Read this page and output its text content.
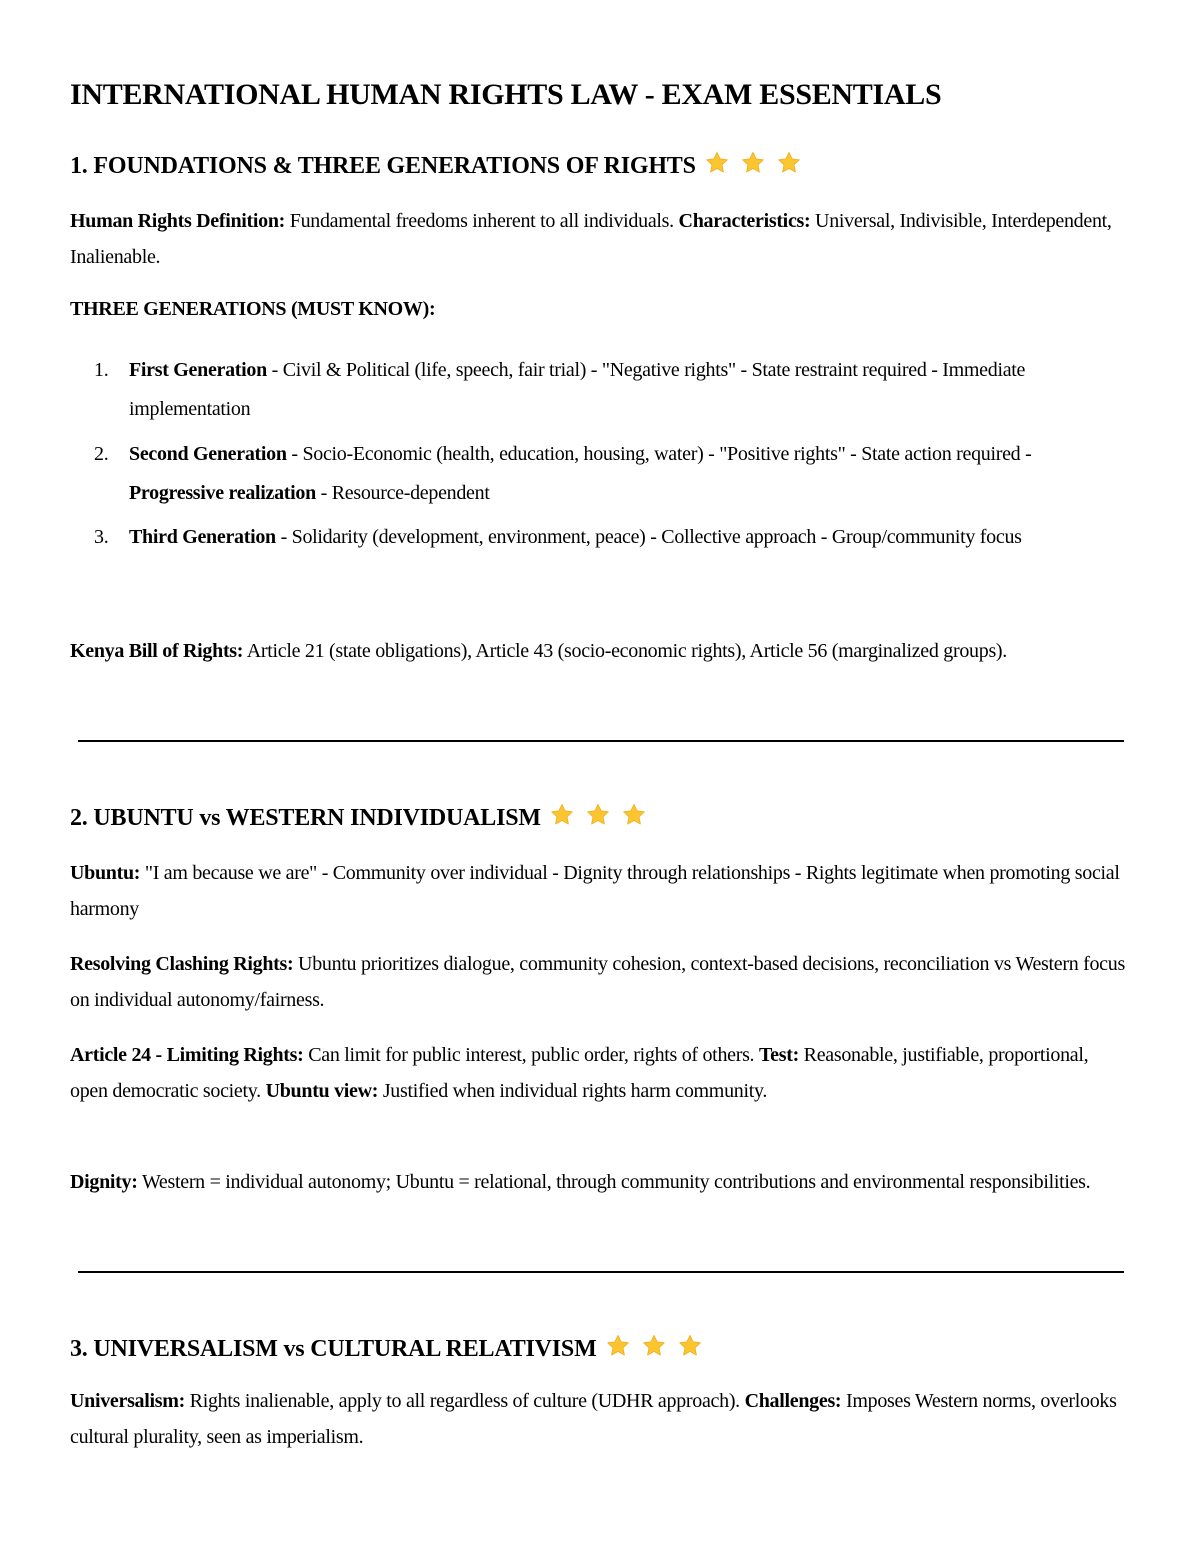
INTERNATIONAL HUMAN RIGHTS LAW - EXAM ESSENTIALS
1. FOUNDATIONS & THREE GENERATIONS OF RIGHTS

Human Rights Definition: Fundamental freedoms inherent to all individuals. Characteristics: Universal, Indivisible, Interdependent, Inalienable.

THREE GENERATIONS (MUST KNOW):

1.	First Generation - Civil & Political (life, speech, fair trial) - "Negative rights" - State restraint required - Immediate implementation
2.	Second Generation - Socio-Economic (health, education, housing, water) - "Positive rights" - State action required - Progressive realization - Resource-dependent
3.	Third Generation - Solidarity (development, environment, peace) - Collective approach - Group/community focus

Kenya Bill of Rights: Article 21 (state obligations), Article 43 (socio-economic rights), Article 56 (marginalized groups).

2. UBUNTU vs WESTERN INDIVIDUALISM

Ubuntu: "I am because we are" - Community over individual - Dignity through relationships - Rights legitimate when promoting social harmony

Resolving Clashing Rights: Ubuntu prioritizes dialogue, community cohesion, context-based decisions, reconciliation vs Western focus on individual autonomy/fairness.

Article 24 - Limiting Rights: Can limit for public interest, public order, rights of others. Test: Reasonable, justifiable, proportional, open democratic society. Ubuntu view: Justified when individual rights harm community.

Dignity: Western = individual autonomy; Ubuntu = relational, through community contributions and environmental responsibilities.

3. UNIVERSALISM vs CULTURAL RELATIVISM

Universalism: Rights inalienable, apply to all regardless of culture (UDHR approach). Challenges: Imposes Western norms, overlooks cultural plurality, seen as imperialism.
